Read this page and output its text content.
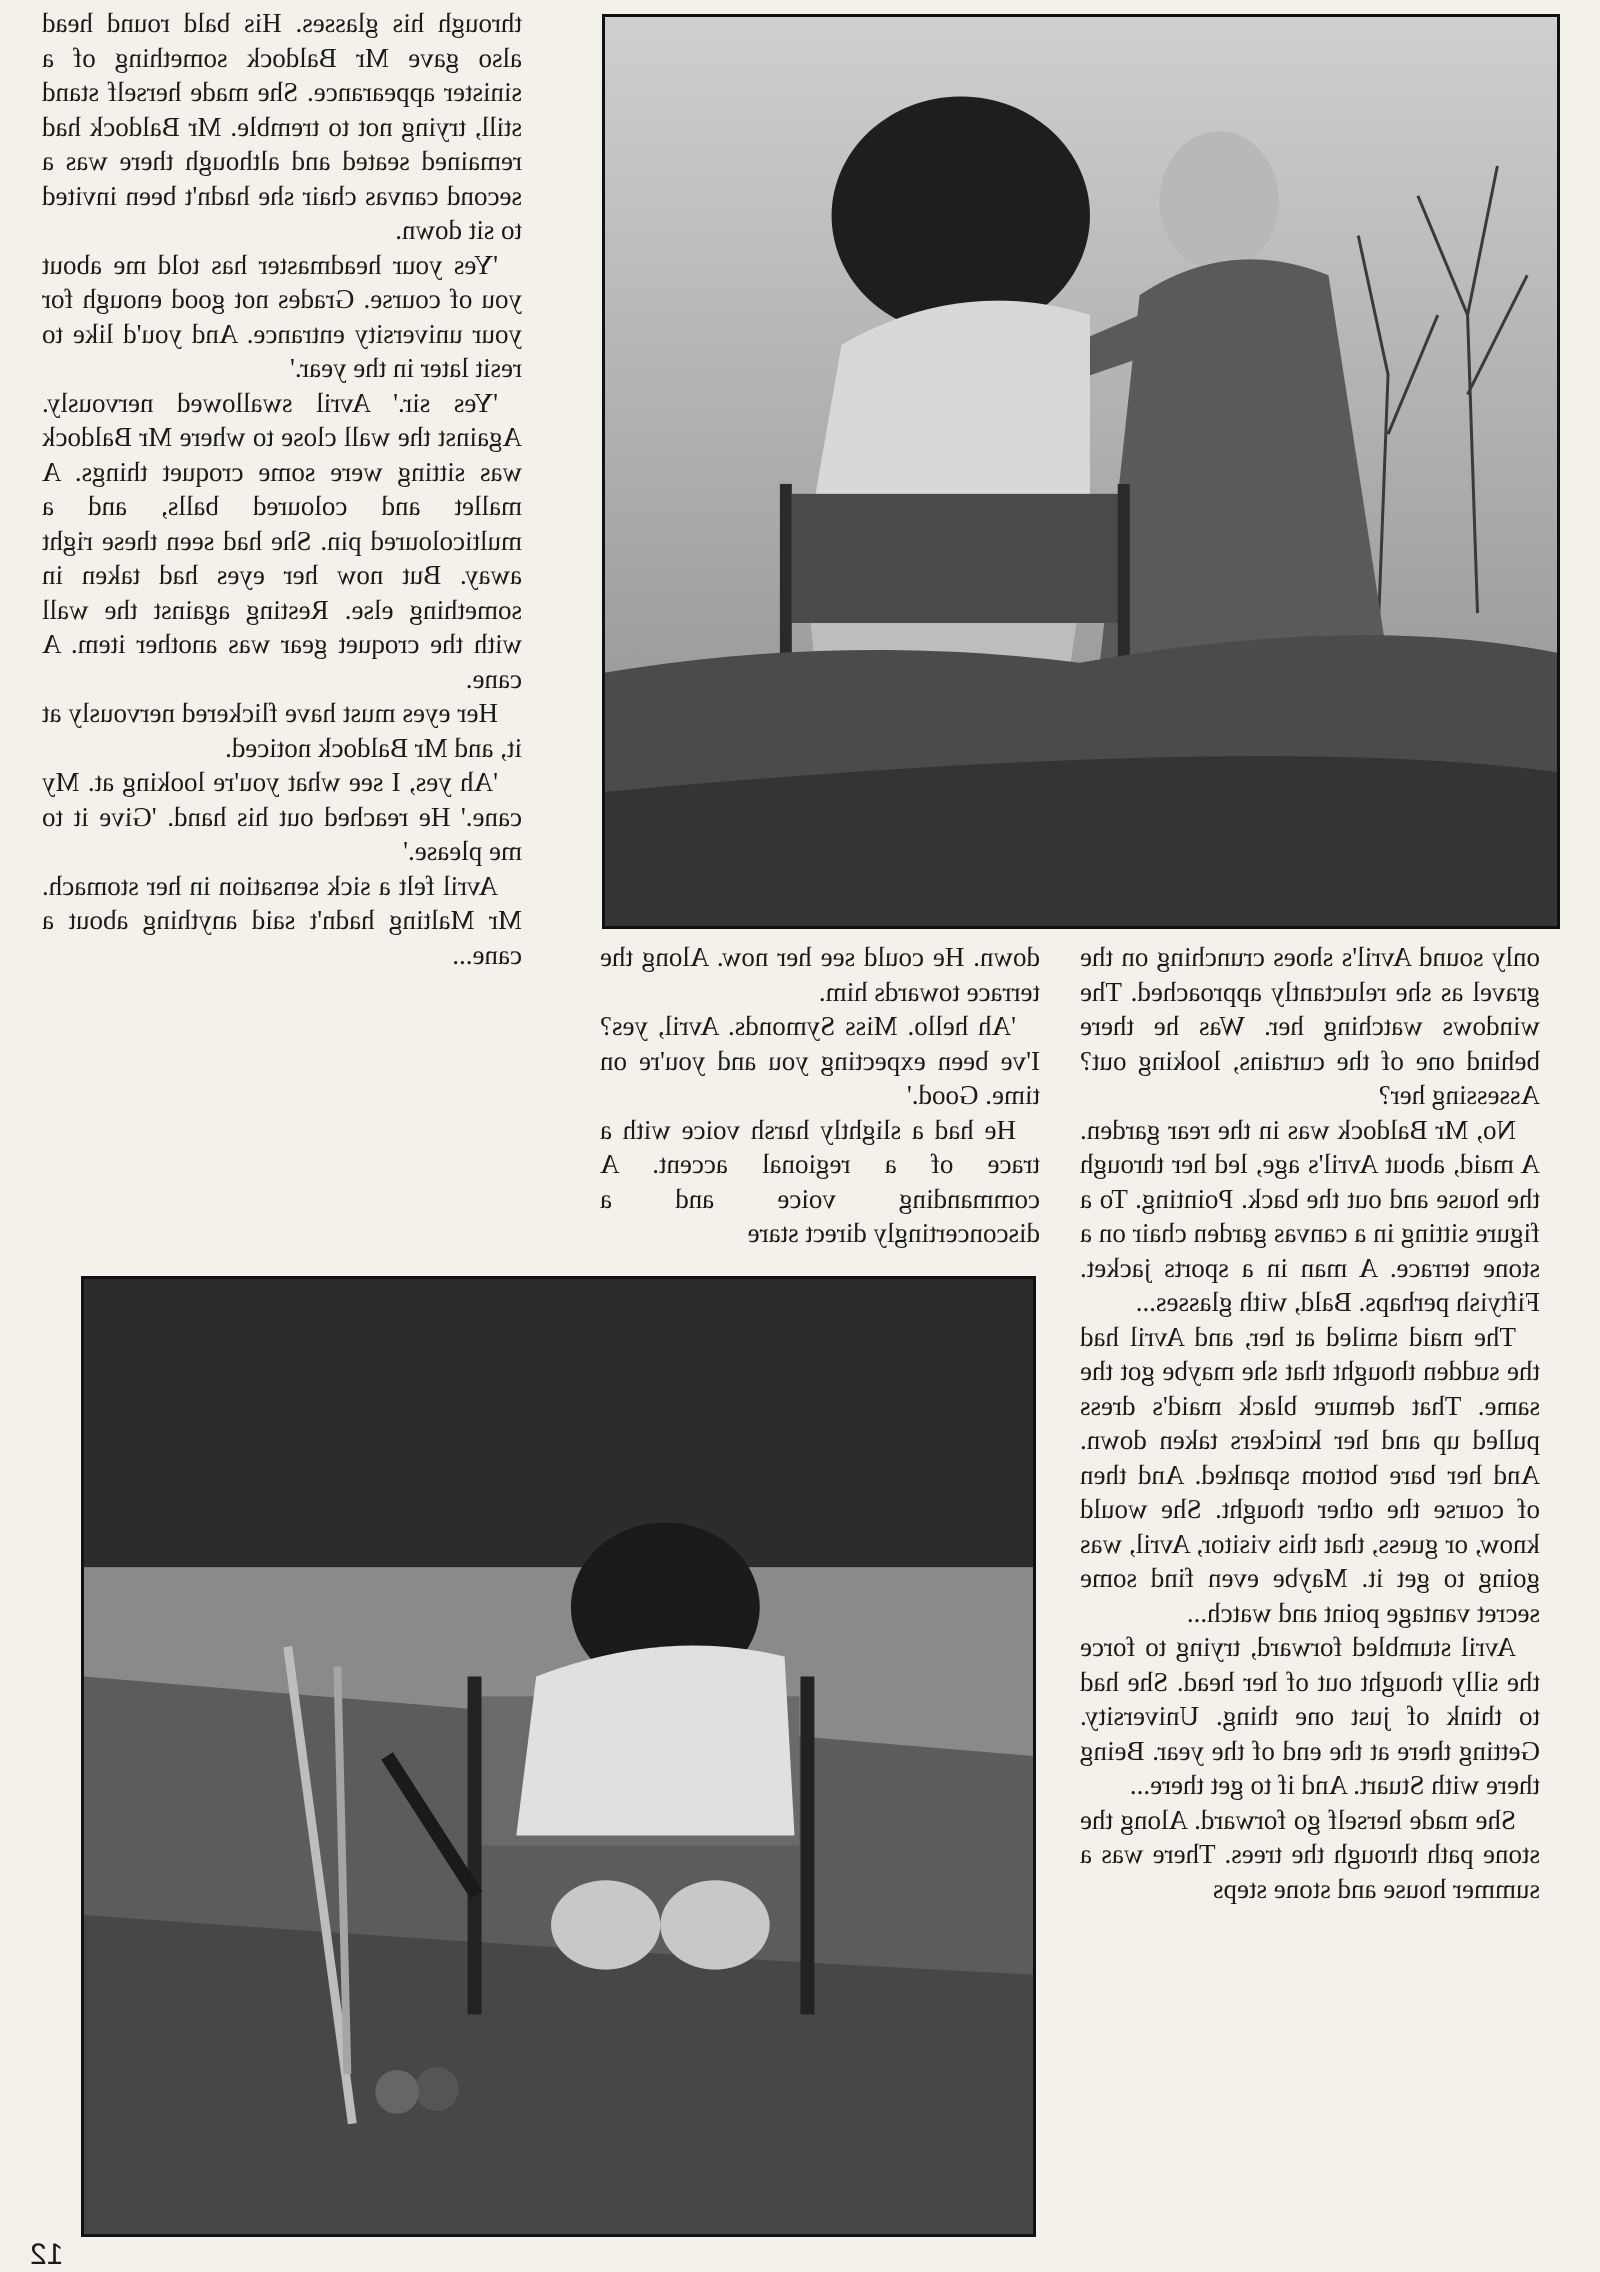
through his glasses. His bald round head also gave Mr Baldock something of a sinister appearance. She made herself stand still, trying not to tremble. Mr Baldock had remained seated and although there was a second canvas chair she hadn't been invited to sit down.

'Yes your headmaster has told me about you of course. Grades not good enough for your university entrance. And you'd like to resit later in the year.'

'Yes sir.' Avril swallowed nervously. Against the wall close to where Mr Baldock was sitting were some croquet things. A mallet and coloured balls, and a multicoloured pin. She had seen these right away. But now her eyes had taken in something else. Resting against the wall with the croquet gear was another item. A cane.

Her eyes must have flickered nervously at it, and Mr Baldock noticed.

'Ah yes, I see what you're looking at. My cane.' He reached out his hand. 'Give it to me please.'

Avril felt a sick sensation in her stomach. Mr Malting hadn't said anything about a cane...	down. He could see her now. Along the terrace towards him.

'Ah hello. Miss Symonds. Avril, yes? I've been expecting you and you're on time. Good.'

He had a slightly harsh voice with a trace of a regional accent. A commanding voice and a disconcertingly direct stare

only sound Avril's shoes crunching on the gravel as she reluctantly approached. The windows watching her. Was he there behind one of the curtains, looking out? Assessing her?

No, Mr Baldock was in the rear garden. A maid, about Avril's age, led her through the house and out the back. Pointing. To a figure sitting in a canvas garden chair on a stone terrace. A man in a sports jacket. Fiftyish perhaps. Bald, with glasses...

The maid smiled at her, and Avril had the sudden thought that she maybe got the same. That demure black maid's dress pulled up and her knickers taken down. And her bare bottom spanked. And then of course the other thought. She would know, or guess, that this visitor, Avril, was going to get it. Maybe even find some secret vantage point and watch...

Avril stumbled forward, trying to force the silly thought out of her head. She had to think of just one thing. University. Getting there at the end of the year. Being there with Stuart. And if to get there...

She made herself go forward. Along the stone path through the trees. There was a summer house and stone steps

12
